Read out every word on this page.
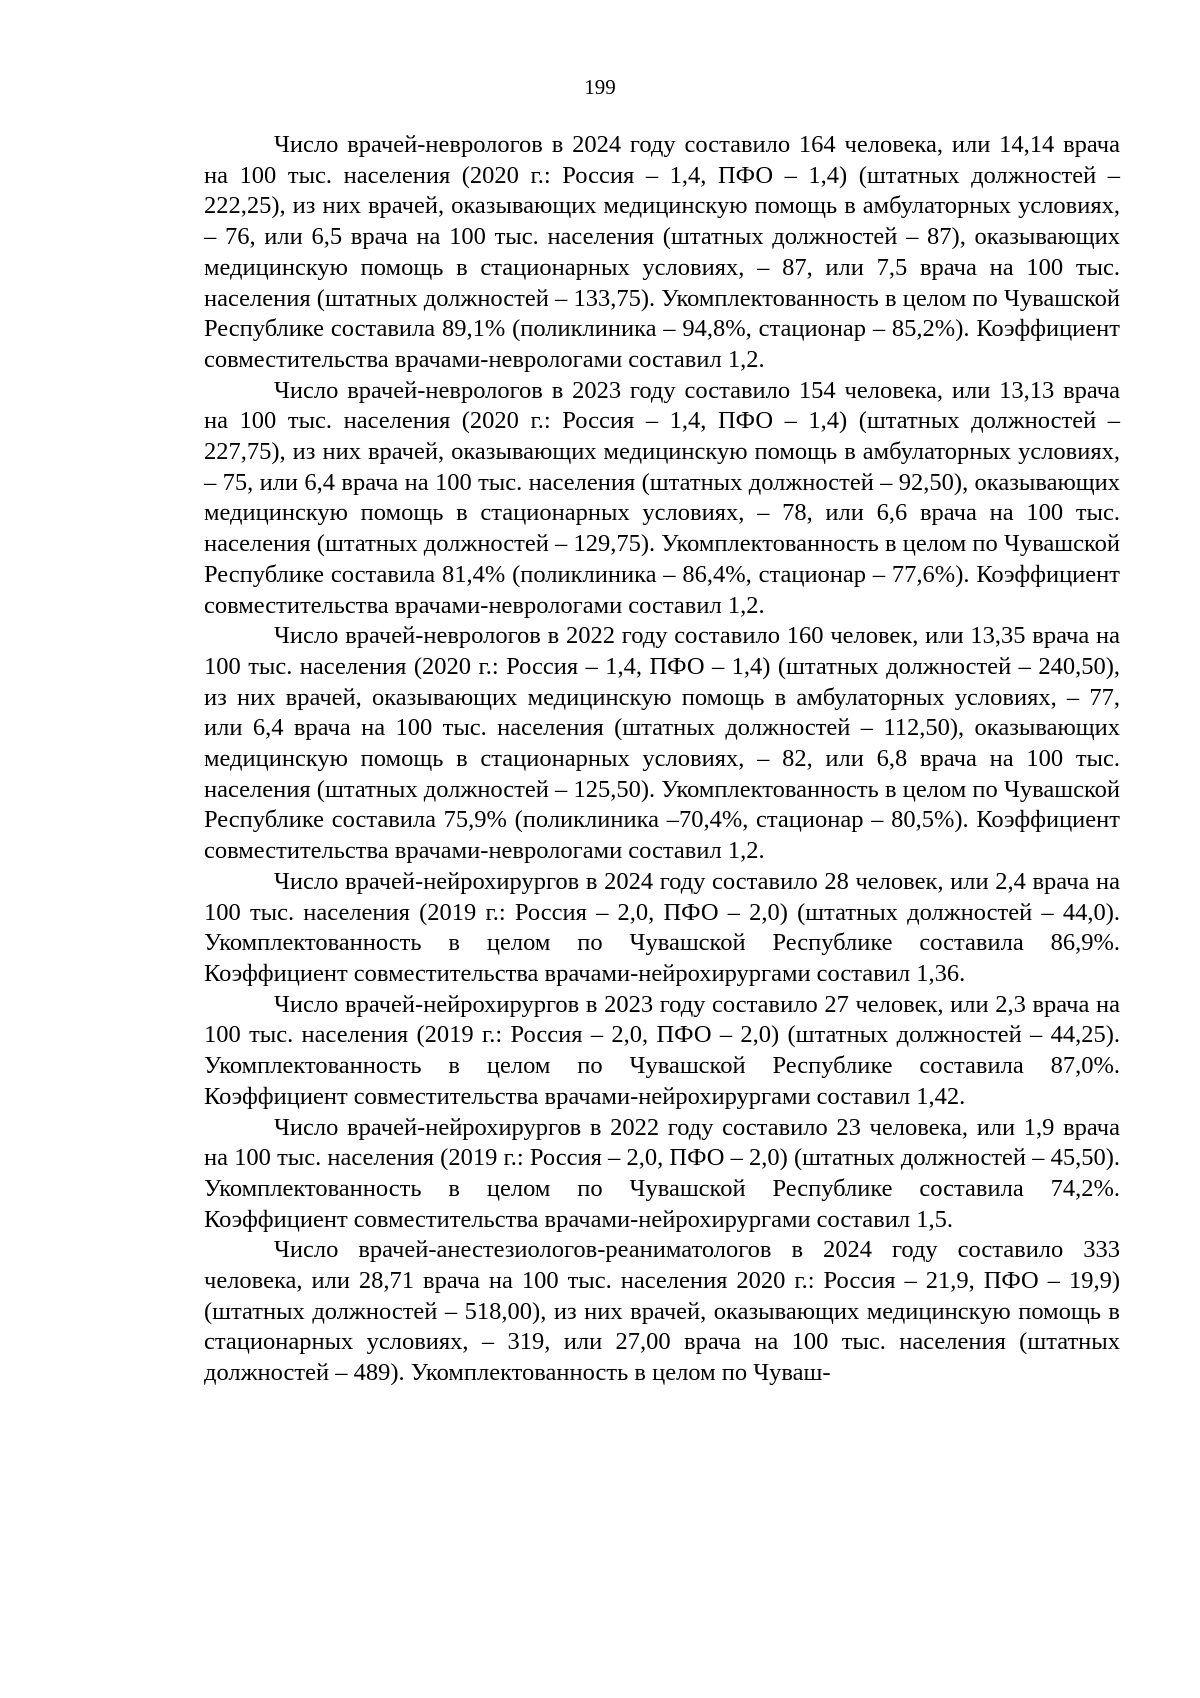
199

Число врачей-неврологов в 2024 году составило 164 человека, или 14,14 врача на 100 тыс. населения (2020 г.: Россия – 1,4, ПФО – 1,4) (штатных должностей – 222,25), из них врачей, оказывающих медицинскую помощь в амбулаторных условиях, – 76, или 6,5 врача на 100 тыс. населения (штатных должностей – 87), оказывающих медицинскую помощь в стационарных условиях, – 87, или 7,5 врача на 100 тыс. населения (штатных должностей – 133,75). Укомплектованность в целом по Чувашской Республике составила 89,1% (поликлиника – 94,8%, стационар – 85,2%). Коэффициент совместительства врачами-неврологами составил 1,2.

Число врачей-неврологов в 2023 году составило 154 человека, или 13,13 врача на 100 тыс. населения (2020 г.: Россия – 1,4, ПФО – 1,4) (штатных должностей – 227,75), из них врачей, оказывающих медицинскую помощь в амбулаторных условиях, – 75, или 6,4 врача на 100 тыс. населения (штатных должностей – 92,50), оказывающих медицинскую помощь в стационарных условиях, – 78, или 6,6 врача на 100 тыс. населения (штатных должностей – 129,75). Укомплектованность в целом по Чувашской Республике составила 81,4% (поликлиника – 86,4%, стационар – 77,6%). Коэффициент совместительства врачами-неврологами составил 1,2.

Число врачей-неврологов в 2022 году составило 160 человек, или 13,35 врача на 100 тыс. населения (2020 г.: Россия – 1,4, ПФО – 1,4) (штатных должностей – 240,50), из них врачей, оказывающих медицинскую помощь в амбулаторных условиях, – 77, или 6,4 врача на 100 тыс. населения (штатных должностей – 112,50), оказывающих медицинскую помощь в стационарных условиях, – 82, или 6,8 врача на 100 тыс. населения (штатных должностей – 125,50). Укомплектованность в целом по Чувашской Республике составила 75,9% (поликлиника –70,4%, стационар – 80,5%). Коэффициент совместительства врачами-неврологами составил 1,2.

Число врачей-нейрохирургов в 2024 году составило 28 человек, или 2,4 врача на 100 тыс. населения (2019 г.: Россия – 2,0, ПФО – 2,0) (штатных должностей – 44,0). Укомплектованность в целом по Чувашской Республике составила 86,9%. Коэффициент совместительства врачами-нейрохирургами составил 1,36.

Число врачей-нейрохирургов в 2023 году составило 27 человек, или 2,3 врача на 100 тыс. населения (2019 г.: Россия – 2,0, ПФО – 2,0) (штатных должностей – 44,25). Укомплектованность в целом по Чувашской Республике составила 87,0%. Коэффициент совместительства врачами-нейрохирургами составил 1,42.

Число врачей-нейрохирургов в 2022 году составило 23 человека, или 1,9 врача на 100 тыс. населения (2019 г.: Россия – 2,0, ПФО – 2,0) (штатных должностей – 45,50). Укомплектованность в целом по Чувашской Республике составила 74,2%. Коэффициент совместительства врачами-нейрохирургами составил 1,5.

Число врачей-анестезиологов-реаниматологов в 2024 году составило 333 человека, или 28,71 врача на 100 тыс. населения 2020 г.: Россия – 21,9, ПФО – 19,9) (штатных должностей – 518,00), из них врачей, оказывающих медицинскую помощь в стационарных условиях, – 319, или 27,00 врача на 100 тыс. населения (штатных должностей – 489). Укомплектованность в целом по Чуваш-
